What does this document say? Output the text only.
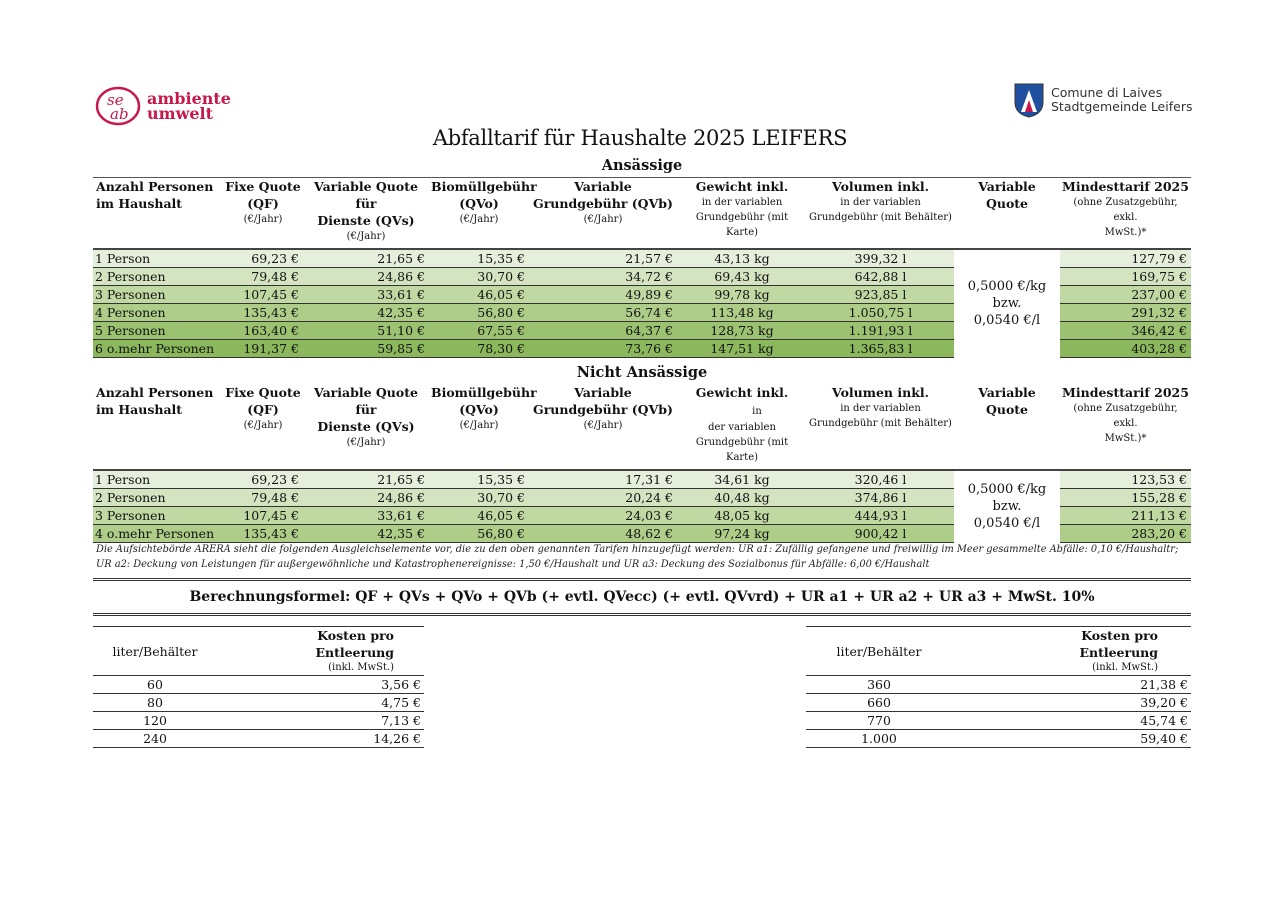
se
ab
ambiente
umwelt
Comune di Laives
Stadtgemeinde Leifers
Abfalltarif für Haushalte 2025 LEIFERS
Ansässige
Anzahl Personen
im Haushalt	Fixe Quote
(QF)
(€/Jahr)	Variable Quote für
Dienste (QVs)
(€/Jahr)	Biomüllgebühr
(QVo)
(€/Jahr)	Variable
Grundgebühr (QVb)
(€/Jahr)	Gewicht inkl.
in der variablen
Grundgebühr (mit Karte)	Volumen inkl.
in der variablen
Grundgebühr (mit Behälter)	Variable Quote	Mindesttarif 2025
(ohne Zusatzgebühr, exkl.
MwSt.)*

1 Person	69,23 €	21,65 €	15,35 €	21,57 €	43,13 kg	399,32 l	0,5000 €/kg
bzw.
0,0540 €/l	127,79 €
2 Personen	79,48 €	24,86 €	30,70 €	34,72 €	69,43 kg	642,88 l		169,75 €
3 Personen	107,45 €	33,61 €	46,05 €	49,89 €	99,78 kg	923,85 l		237,00 €
4 Personen	135,43 €	42,35 €	56,80 €	56,74 €	113,48 kg	1.050,75 l		291,32 €
5 Personen	163,40 €	51,10 €	67,55 €	64,37 €	128,73 kg	1.191,93 l		346,42 €
6 o.mehr Personen	191,37 €	59,85 €	78,30 €	73,76 €	147,51 kg	1.365,83 l		403,28 €
Nicht Ansässige
Anzahl Personen
im Haushalt	Fixe Quote
(QF)
(€/Jahr)	Variable Quote für
Dienste (QVs)
(€/Jahr)	Biomüllgebühr
(QVo)
(€/Jahr)	Variable
Grundgebühr (QVb)
(€/Jahr)	Gewicht inkl. in
der variablen
Grundgebühr (mit Karte)	Volumen inkl.
in der variablen
Grundgebühr (mit Behälter)	Variable Quote	Mindesttarif 2025
(ohne Zusatzgebühr, exkl.
MwSt.)*

1 Person	69,23 €	21,65 €	15,35 €	17,31 €	34,61 kg	320,46 l	0,5000 €/kg
bzw.
0,0540 €/l	123,53 €
2 Personen	79,48 €	24,86 €	30,70 €	20,24 €	40,48 kg	374,86 l		155,28 €
3 Personen	107,45 €	33,61 €	46,05 €	24,03 €	48,05 kg	444,93 l		211,13 €
4 o.mehr Personen	135,43 €	42,35 €	56,80 €	48,62 €	97,24 kg	900,42 l		283,20 €
Die Aufsichtebörde ARERA sieht die folgenden Ausgleichselemente vor, die zu den oben genannten Tarifen hinzugefügt werden: UR a1: Zufällig gefangene und freiwillig im Meer gesammelte Abfälle: 0,10 €/Haushaltr; UR a2: Deckung von Leistungen für außergewöhnliche und Katastrophenereignisse: 1,50 €/Haushalt und UR a3: Deckung des Sozialbonus für Abfälle: 6,00 €/Haushalt
Berechnungsformel: QF + QVs + QVo + QVb (+ evtl. QVecc) (+ evtl. QVvrd) + UR a1 + UR a2 + UR a3 + MwSt. 10%
liter/Behälter	Kosten pro
Entleerung
(inkl. MwSt.)

60	3,56 €
80	4,75 €
120	7,13 €
240	14,26 €
liter/Behälter	Kosten pro
Entleerung
(inkl. MwSt.)

360	21,38 €
660	39,20 €
770	45,74 €
1.000	59,40 €
